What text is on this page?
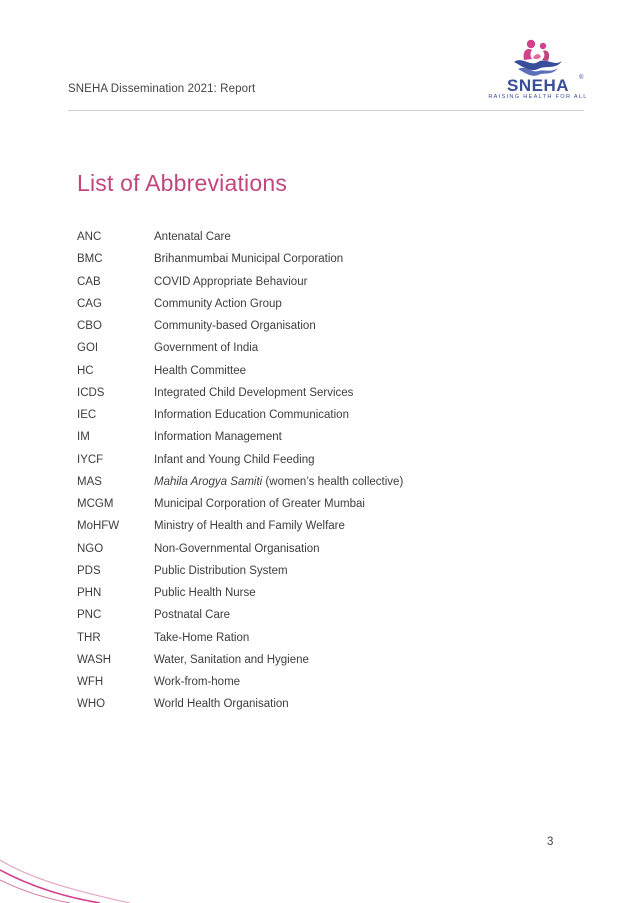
SNEHA Dissemination 2021: Report	SNEHA	®
RAISING HEALTH FOR ALL
List of Abbreviations
ANC	Antenatal Care
BMC	Brihanmumbai Municipal Corporation
CAB	COVID Appropriate Behaviour
CAG	Community Action Group
CBO	Community-based Organisation
GOI	Government of India
HC	Health Committee
ICDS	Integrated Child Development Services
IEC	Information Education Communication
IM	Information Management
IYCF	Infant and Young Child Feeding
MAS	Mahila Arogya Samiti (women’s health collective)
MCGM	Municipal Corporation of Greater Mumbai
MoHFW	Ministry of Health and Family Welfare
NGO	Non-Governmental Organisation
PDS	Public Distribution System
PHN	Public Health Nurse
PNC	Postnatal Care
THR	Take-Home Ration
WASH	Water, Sanitation and Hygiene
WFH	Work-from-home
WHO	World Health Organisation
3
